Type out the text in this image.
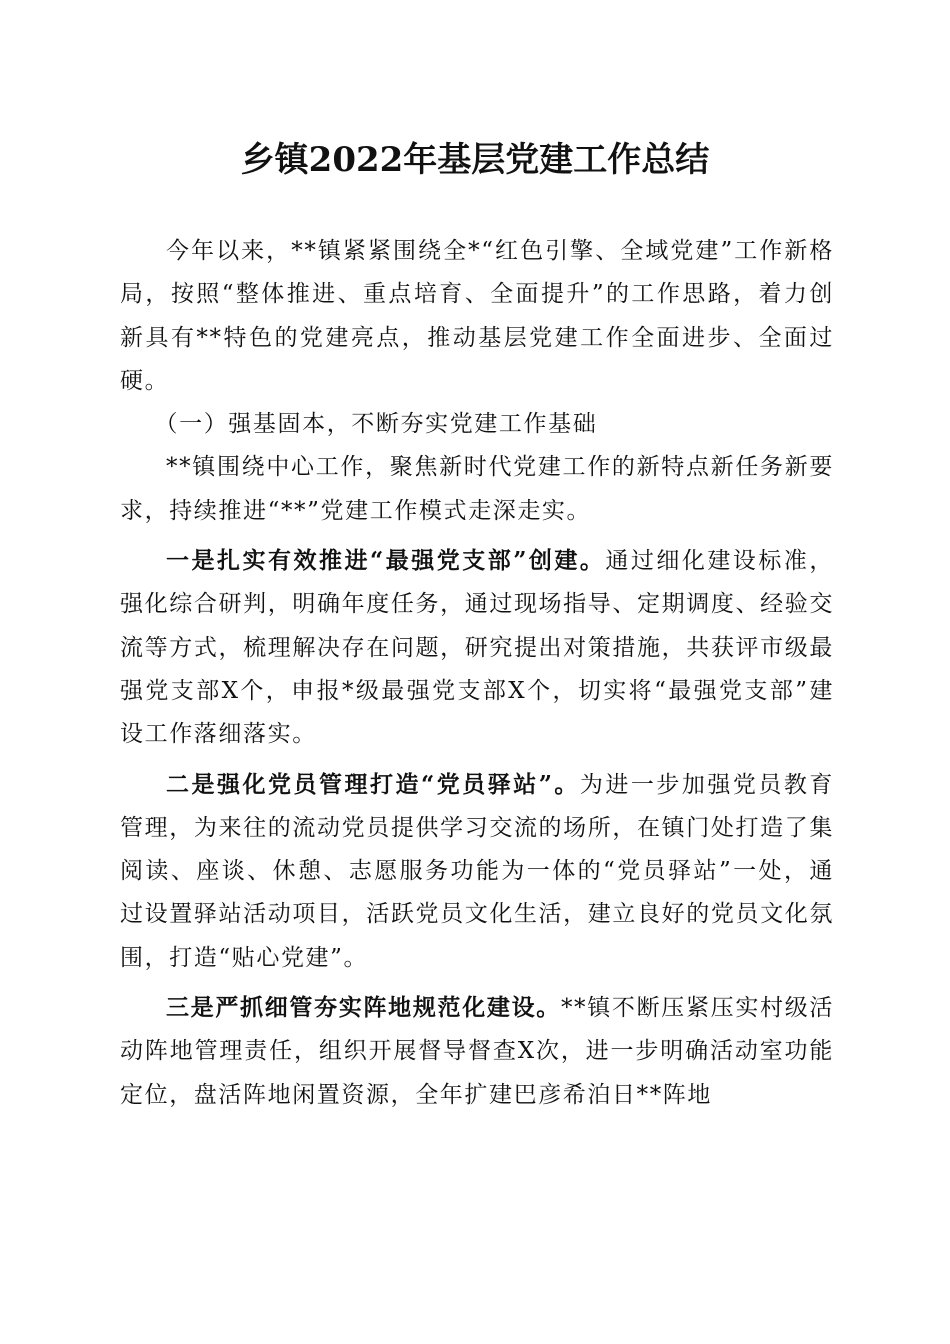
乡镇2022年基层党建工作总结

今年以来，**镇紧紧围绕全*“红色引擎、全域党建”工作新格局，按照“整体推进、重点培育、全面提升”的工作思路，着力创新具有**特色的党建亮点，推动基层党建工作全面进步、全面过硬。

（一）强基固本，不断夯实党建工作基础

**镇围绕中心工作，聚焦新时代党建工作的新特点新任务新要求，持续推进“**”党建工作模式走深走实。

一是扎实有效推进“最强党支部”创建。通过细化建设标准，强化综合研判，明确年度任务，通过现场指导、定期调度、经验交流等方式，梳理解决存在问题，研究提出对策措施，共获评市级最强党支部X个，申报*级最强党支部X个，切实将“最强党支部”建设工作落细落实。

二是强化党员管理打造“党员驿站”。为进一步加强党员教育管理，为来往的流动党员提供学习交流的场所，在镇门处打造了集阅读、座谈、休憩、志愿服务功能为一体的“党员驿站”一处，通过设置驿站活动项目，活跃党员文化生活，建立良好的党员文化氛围，打造“贴心党建”。

三是严抓细管夯实阵地规范化建设。**镇不断压紧压实村级活动阵地管理责任，组织开展督导督查X次，进一步明确活动室功能定位，盘活阵地闲置资源，全年扩建巴彦希泊日**阵地
